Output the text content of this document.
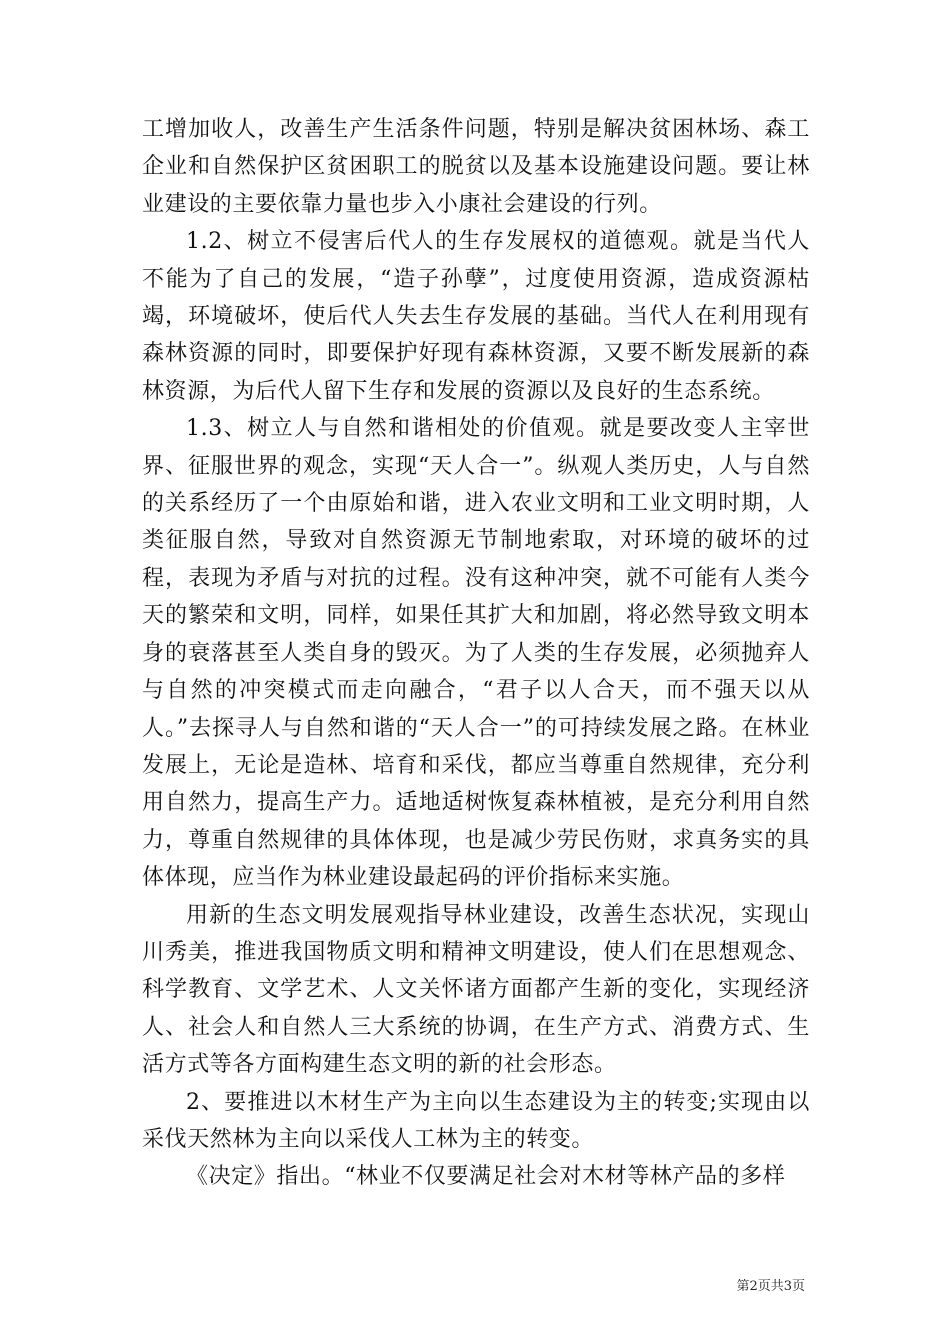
工增加收人，改善生产生活条件问题，特别是解决贫困林场、森工企业和自然保护区贫困职工的脱贫以及基本设施建设问题。要让林业建设的主要依靠力量也步入小康社会建设的行列。

1.2、树立不侵害后代人的生存发展权的道德观。就是当代人不能为了自己的发展，“造子孙孽”，过度使用资源，造成资源枯竭，环境破坏，使后代人失去生存发展的基础。当代人在利用现有森林资源的同时，即要保护好现有森林资源，又要不断发展新的森林资源，为后代人留下生存和发展的资源以及良好的生态系统。

1.3、树立人与自然和谐相处的价值观。就是要改变人主宰世界、征服世界的观念，实现“天人合一”。纵观人类历史，人与自然的关系经历了一个由原始和谐，进入农业文明和工业文明时期，人类征服自然，导致对自然资源无节制地索取，对环境的破坏的过程，表现为矛盾与对抗的过程。没有这种冲突，就不可能有人类今天的繁荣和文明，同样，如果任其扩大和加剧，将必然导致文明本身的衰落甚至人类自身的毁灭。为了人类的生存发展，必须抛弃人与自然的冲突模式而走向融合，“君子以人合天，而不强天以从人。”去探寻人与自然和谐的“天人合一”的可持续发展之路。在林业发展上，无论是造林、培育和采伐，都应当尊重自然规律，充分利用自然力，提高生产力。适地适树恢复森林植被，是充分利用自然力，尊重自然规律的具体体现，也是减少劳民伤财，求真务实的具体体现，应当作为林业建设最起码的评价指标来实施。

用新的生态文明发展观指导林业建设，改善生态状况，实现山川秀美，推进我国物质文明和精神文明建设，使人们在思想观念、科学教育、文学艺术、人文关怀诸方面都产生新的变化，实现经济人、社会人和自然人三大系统的协调，在生产方式、消费方式、生活方式等各方面构建生态文明的新的社会形态。

2、要推进以木材生产为主向以生态建设为主的转变;实现由以采伐天然林为主向以采伐人工林为主的转变。

《决定》指出。“林业不仅要满足社会对木材等林产品的多样

第2页共3页
